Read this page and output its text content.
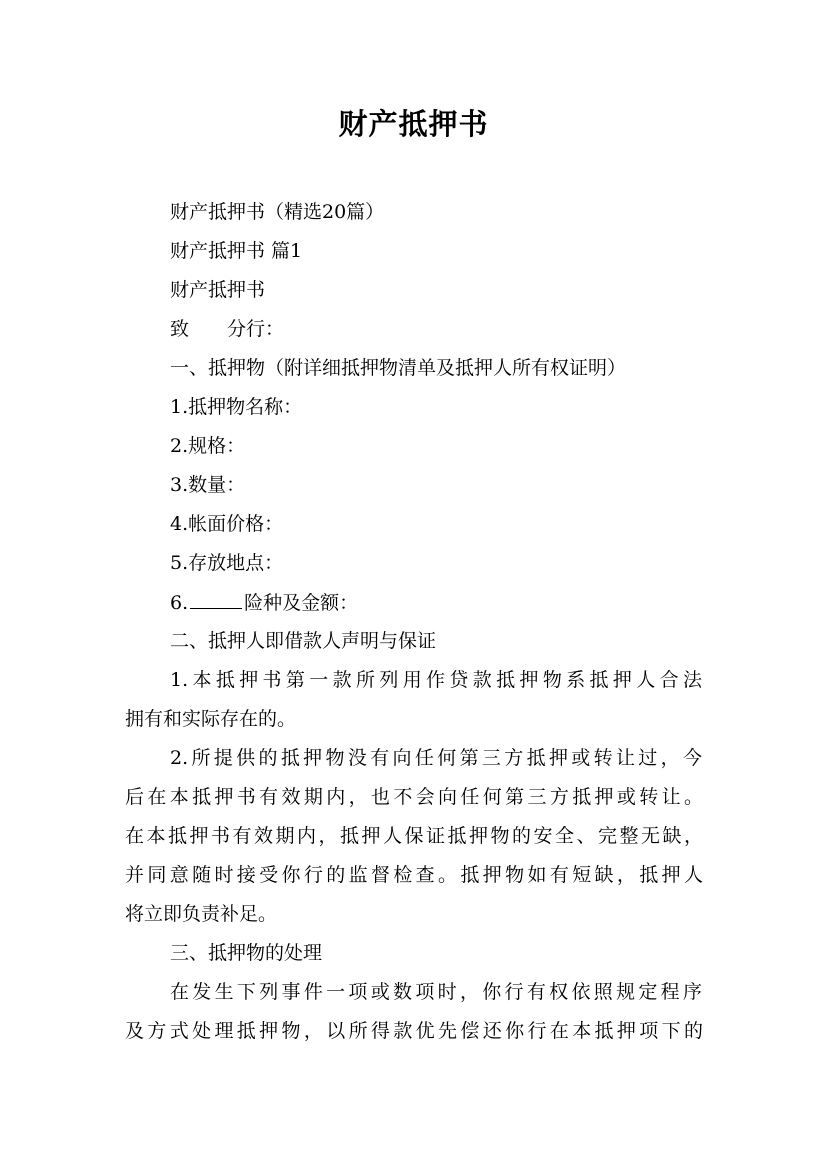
财产抵押书
财产抵押书（精选20篇）
财产抵押书 篇1
财产抵押书
致 分行：
一、抵押物（附详细抵押物清单及抵押人所有权证明）
1.抵押物名称：
2.规格：
3.数量：
4.帐面价格：
5.存放地点：
6.	险种及金额：
二、抵押人即借款人声明与保证
1.本抵押书第一款所列用作贷款抵押物系抵押人合法
拥有和实际存在的。
2.所提供的抵押物没有向任何第三方抵押或转让过，今
后在本抵押书有效期内，也不会向任何第三方抵押或转让。
在本抵押书有效期内，抵押人保证抵押物的安全、完整无缺，
并同意随时接受你行的监督检查。抵押物如有短缺，抵押人
将立即负责补足。
三、抵押物的处理
在发生下列事件一项或数项时，你行有权依照规定程序
及方式处理抵押物，以所得款优先偿还你行在本抵押项下的
